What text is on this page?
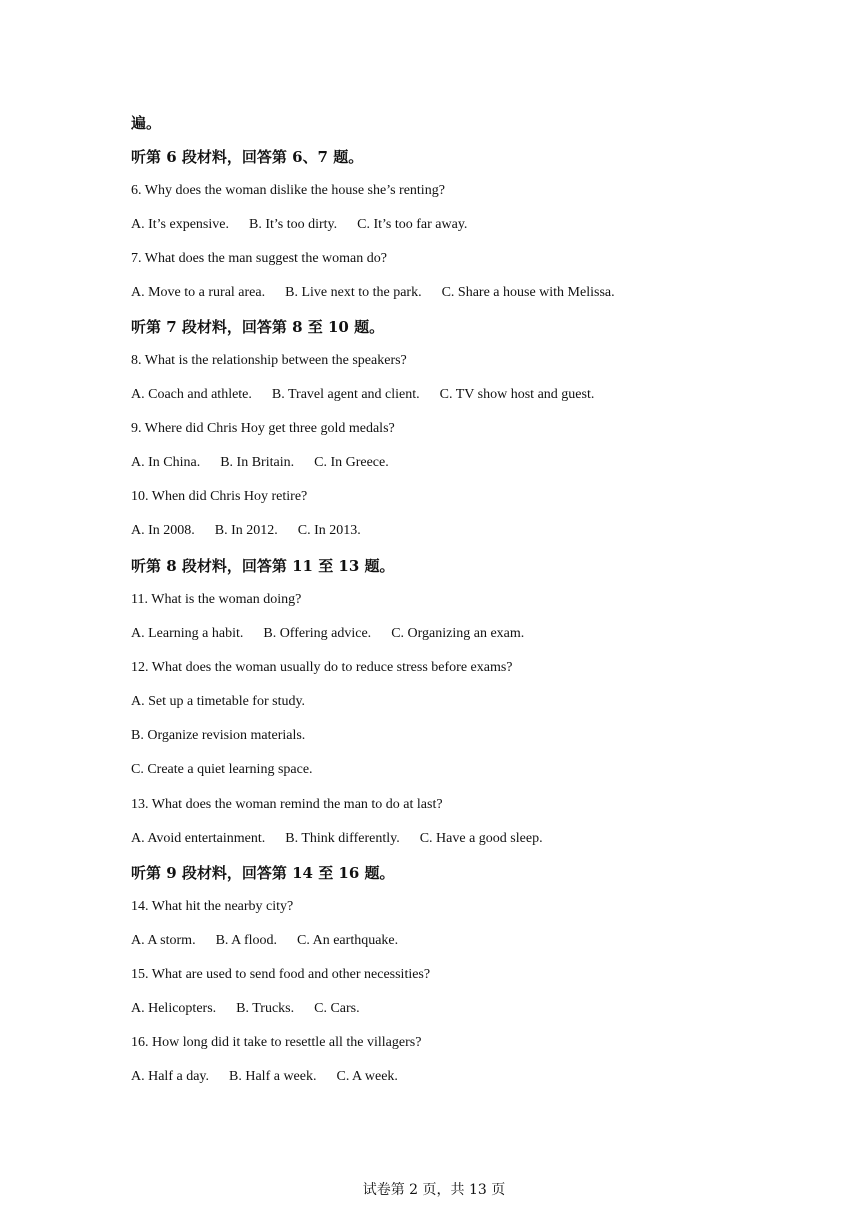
遍。
听第 6 段材料，回答第 6、7 题。
6. Why does the woman dislike the house she’s renting?
A. It’s expensive. B. It’s too dirty. C. It’s too far away.
7. What does the man suggest the woman do?
A. Move to a rural area. B. Live next to the park. C. Share a house with Melissa.
听第 7 段材料，回答第 8 至 10 题。
8. What is the relationship between the speakers?
A. Coach and athlete. B. Travel agent and client. C. TV show host and guest.
9. Where did Chris Hoy get three gold medals?
A. In China. B. In Britain. C. In Greece.
10. When did Chris Hoy retire?
A. In 2008. B. In 2012. C. In 2013.
听第 8 段材料，回答第 11 至 13 题。
11. What is the woman doing?
A. Learning a habit. B. Offering advice. C. Organizing an exam.
12. What does the woman usually do to reduce stress before exams?
A. Set up a timetable for study.
B. Organize revision materials.
C. Create a quiet learning space.
13. What does the woman remind the man to do at last?
A. Avoid entertainment. B. Think differently. C. Have a good sleep.
听第 9 段材料，回答第 14 至 16 题。
14. What hit the nearby city?
A. A storm. B. A flood. C. An earthquake.
15. What are used to send food and other necessities?
A. Helicopters. B. Trucks. C. Cars.
16. How long did it take to resettle all the villagers?
A. Half a day. B. Half a week. C. A week.
试卷第 2 页，共 13 页
